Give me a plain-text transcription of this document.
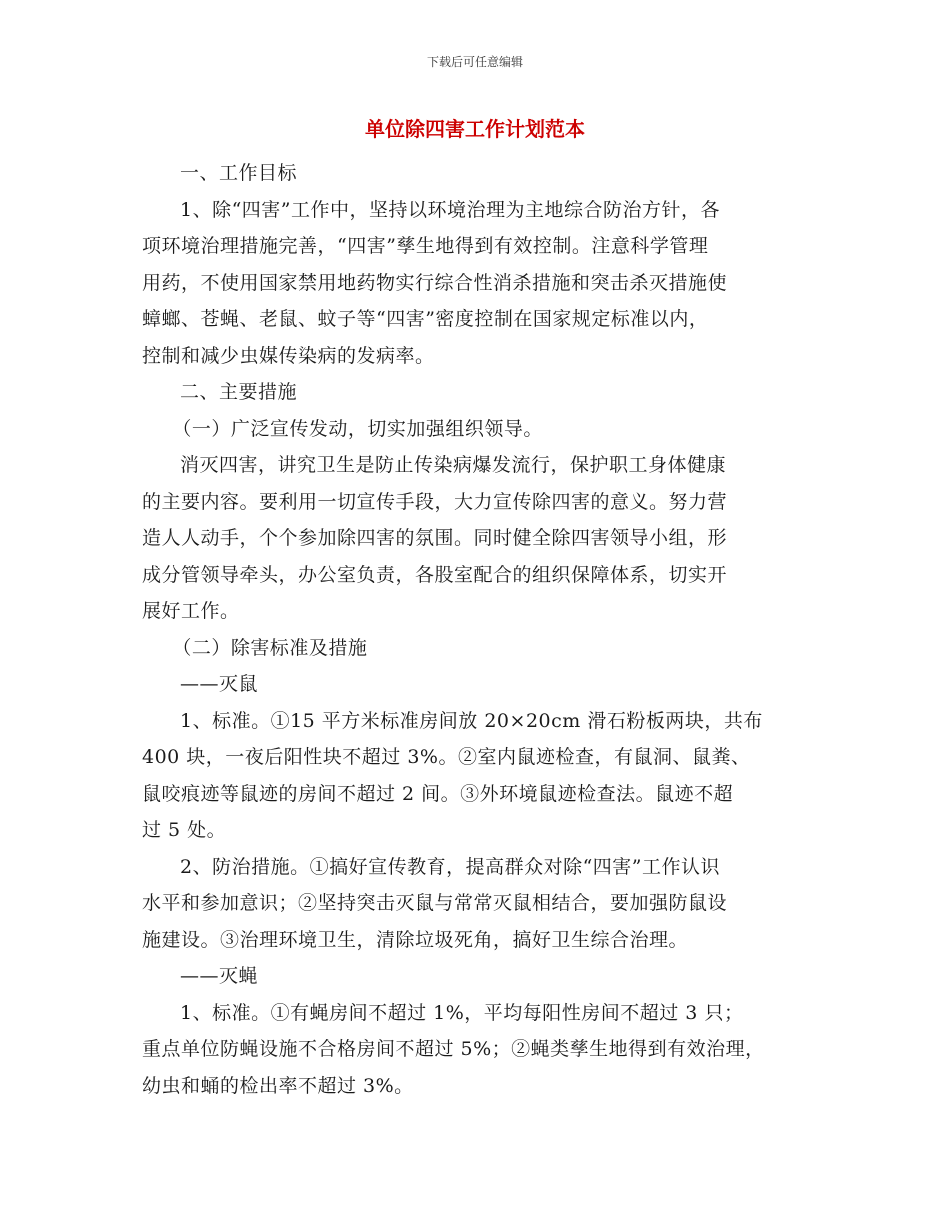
下载后可任意编辑
单位除四害工作计划范本

一、工作目标

1、除“四害”工作中，坚持以环境治理为主地综合防治方针，各
项环境治理措施完善，“四害”孳生地得到有效控制。注意科学管理
用药，不使用国家禁用地药物实行综合性消杀措施和突击杀灭措施使
蟑螂、苍蝇、老鼠、蚊子等“四害”密度控制在国家规定标准以内，
控制和减少虫媒传染病的发病率。

二、主要措施

（一）广泛宣传发动，切实加强组织领导。

消灭四害，讲究卫生是防止传染病爆发流行，保护职工身体健康
的主要内容。要利用一切宣传手段，大力宣传除四害的意义。努力营
造人人动手，个个参加除四害的氛围。同时健全除四害领导小组，形
成分管领导牵头，办公室负责，各股室配合的组织保障体系，切实开
展好工作。

（二）除害标准及措施

——灭鼠

1、标准。①15 平方米标准房间放 20×20cm 滑石粉板两块，共布
400 块，一夜后阳性块不超过 3%。②室内鼠迹检查，有鼠洞、鼠粪、
鼠咬痕迹等鼠迹的房间不超过 2 间。③外环境鼠迹检查法。鼠迹不超
过 5 处。

2、防治措施。①搞好宣传教育，提高群众对除“四害”工作认识
水平和参加意识；②坚持突击灭鼠与常常灭鼠相结合，要加强防鼠设
施建设。③治理环境卫生，清除垃圾死角，搞好卫生综合治理。

——灭蝇

1、标准。①有蝇房间不超过 1%，平均每阳性房间不超过 3 只；
重点单位防蝇设施不合格房间不超过 5%；②蝇类孳生地得到有效治理，
幼虫和蛹的检出率不超过 3%。
